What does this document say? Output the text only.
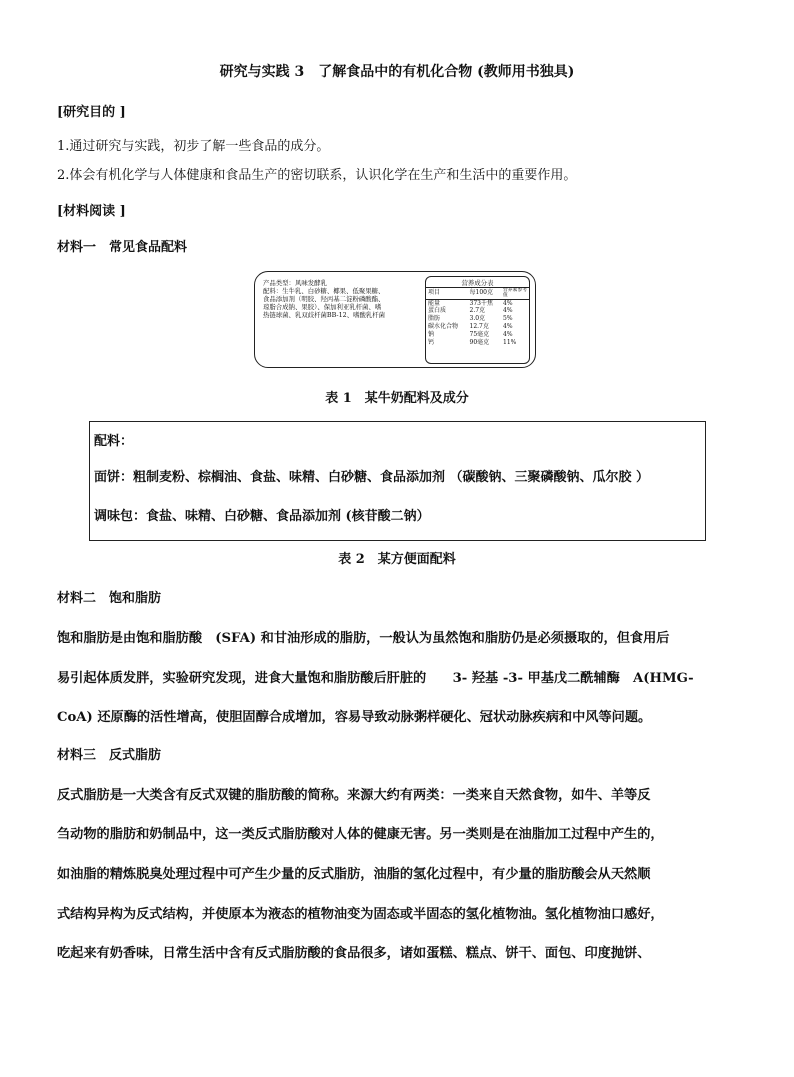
研究与实践 3　了解食品中的有机化合物 (教师用书独具)
[研究目的 ]
1.通过研究与实践，初步了解一些食品的成分。
2.体会有机化学与人体健康和食品生产的密切联系，认识化学在生产和生活中的重要作用。
[材料阅读 ]
材料一　常见食品配料
产品类型：风味发酵乳
配料：生牛乳、白砂糖、椰果、低聚果糖、
食品添加剂（明胶、羟丙基二淀粉磷酸酯、
琼脂合成钠、果胶）、保加利亚乳杆菌、嗜
热链球菌、乳双歧杆菌BB-12、嗜酸乳杆菌
营养成分表
项目	每100克	营养素参考值
能量	373千焦	4%
蛋白质	2.7克	4%
脂肪	3.0克	5%
碳水化合物	12.7克	4%
钠	75毫克	4%
钙	90毫克	11%
表 1　某牛奶配料及成分
配料：
面饼：粗制麦粉、棕榈油、食盐、味精、白砂糖、食品添加剂 （碳酸钠、三聚磷酸钠、瓜尔胶 ）
调味包：食盐、味精、白砂糖、食品添加剂 (核苷酸二钠）
表 2　某方便面配料
材料二　饱和脂肪
饱和脂肪是由饱和脂肪酸　(SFA) 和甘油形成的脂肪，一般认为虽然饱和脂肪仍是必须摄取的，但食用后
易引起体质发胖，实验研究发现，进食大量饱和脂肪酸后肝脏的　　3- 羟基 -3- 甲基戊二酰辅酶　A(HMG-
CoA) 还原酶的活性增高，使胆固醇合成增加，容易导致动脉粥样硬化、冠状动脉疾病和中风等问题。
材料三　反式脂肪
反式脂肪是一大类含有反式双键的脂肪酸的简称。来源大约有两类：一类来自天然食物，如牛、羊等反
刍动物的脂肪和奶制品中，这一类反式脂肪酸对人体的健康无害。另一类则是在油脂加工过程中产生的，
如油脂的精炼脱臭处理过程中可产生少量的反式脂肪，油脂的氢化过程中，有少量的脂肪酸会从天然顺
式结构异构为反式结构，并使原本为液态的植物油变为固态或半固态的氢化植物油。氢化植物油口感好，
吃起来有奶香味，日常生活中含有反式脂肪酸的食品很多，诸如蛋糕、糕点、饼干、面包、印度抛饼、
